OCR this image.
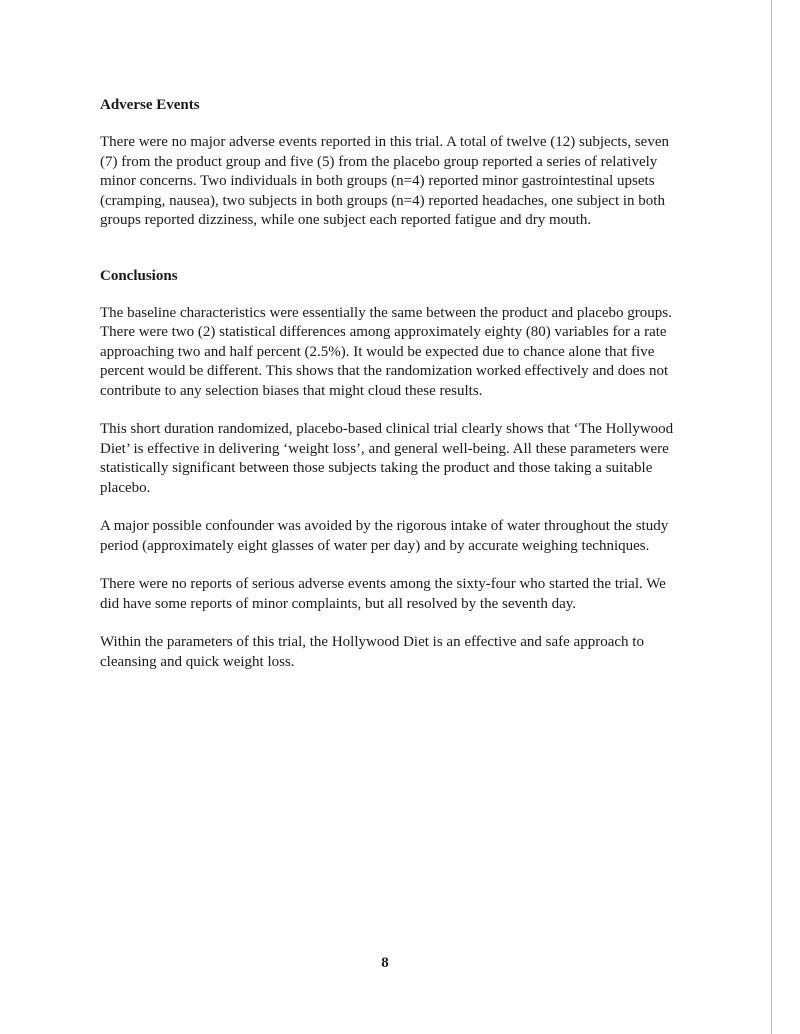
Adverse Events

There were no major adverse events reported in this trial. A total of twelve (12) subjects, seven (7) from the product group and five (5) from the placebo group reported a series of relatively minor concerns. Two individuals in both groups (n=4) reported minor gastrointestinal upsets (cramping, nausea), two subjects in both groups (n=4) reported headaches, one subject in both groups reported dizziness, while one subject each reported fatigue and dry mouth.

Conclusions

The baseline characteristics were essentially the same between the product and placebo groups. There were two (2) statistical differences among approximately eighty (80) variables for a rate approaching two and half percent (2.5%). It would be expected due to chance alone that five percent would be different. This shows that the randomization worked effectively and does not contribute to any selection biases that might cloud these results.

This short duration randomized, placebo-based clinical trial clearly shows that ‘The Hollywood Diet’ is effective in delivering ‘weight loss’, and general well-being. All these parameters were statistically significant between those subjects taking the product and those taking a suitable placebo.

A major possible confounder was avoided by the rigorous intake of water throughout the study period (approximately eight glasses of water per day) and by accurate weighing techniques.

There were no reports of serious adverse events among the sixty-four who started the trial. We did have some reports of minor complaints, but all resolved by the seventh day.

Within the parameters of this trial, the Hollywood Diet is an effective and safe approach to cleansing and quick weight loss.

8
